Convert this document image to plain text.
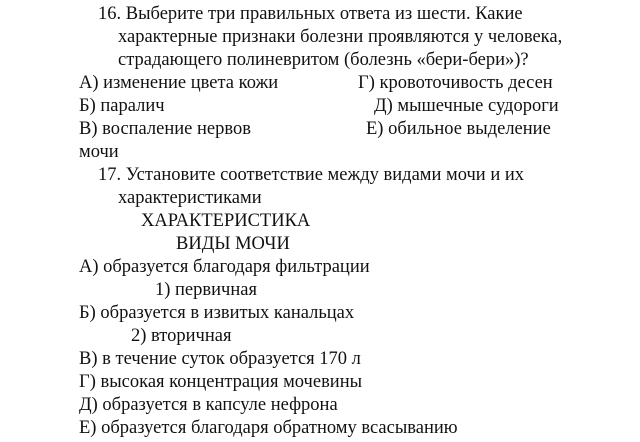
16. Выберите три правильных ответа из шести. Какие
характерные признаки болезни проявляются у человека,
страдающего полиневритом (болезнь «бери-бери»)?
А) изменение цвета кожи	Г) кровоточивость десен
Б) паралич	Д) мышечные судороги
В) воспаление нервов	Е) обильное выделение
мочи
17. Установите соответствие между видами мочи и их
характеристиками
ХАРАКТЕРИСТИКА
ВИДЫ МОЧИ
А) образуется благодаря фильтрации
1) первичная
Б) образуется в извитых канальцах
2) вторичная
В) в течение суток образуется 170 л
Г) высокая концентрация мочевины
Д) образуется в капсуле нефрона
Е) образуется благодаря обратному всасыванию
